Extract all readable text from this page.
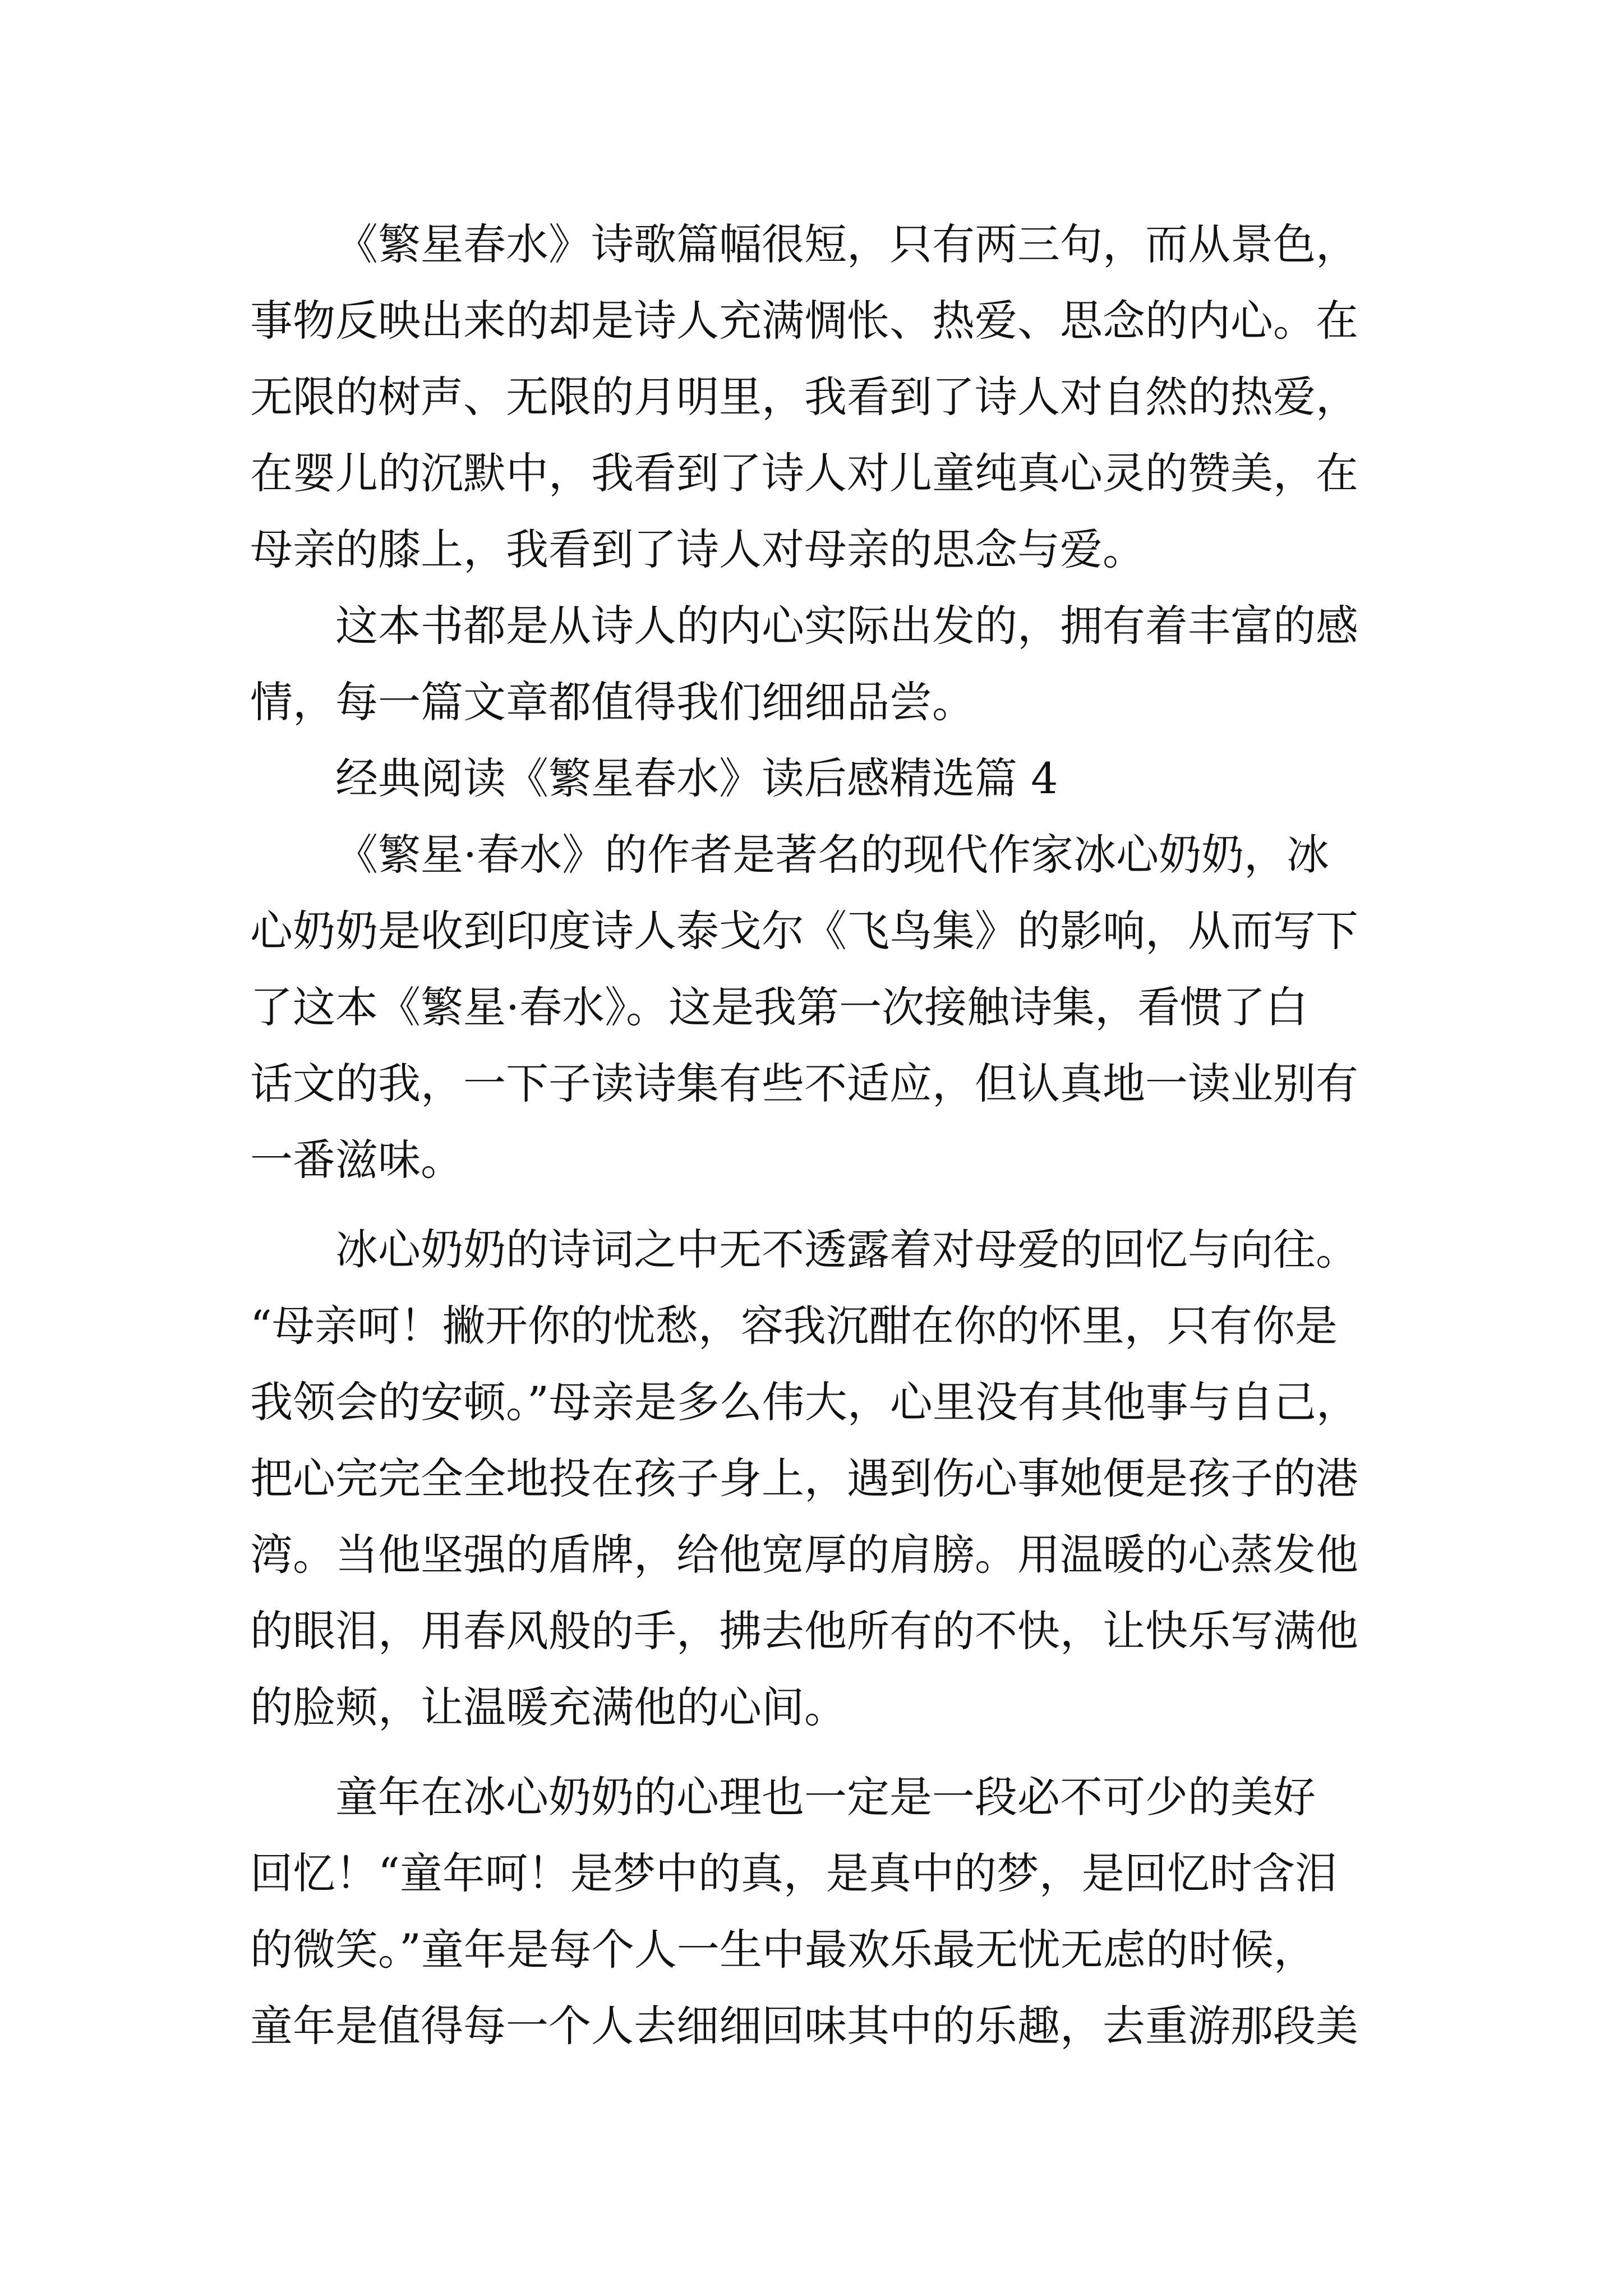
《繁星春水》诗歌篇幅很短，只有两三句，而从景色，
事物反映出来的却是诗人充满惆怅、热爱、思念的内心。在
无限的树声、无限的月明里，我看到了诗人对自然的热爱，
在婴儿的沉默中，我看到了诗人对儿童纯真心灵的赞美，在
母亲的膝上，我看到了诗人对母亲的思念与爱。
这本书都是从诗人的内心实际出发的，拥有着丰富的感
情，每一篇文章都值得我们细细品尝。
经典阅读《繁星春水》读后感精选篇 4
《繁星·春水》的作者是著名的现代作家冰心奶奶，冰
心奶奶是收到印度诗人泰戈尔《飞鸟集》的影响，从而写下
了这本《繁星·春水》。这是我第一次接触诗集，看惯了白
话文的我，一下子读诗集有些不适应，但认真地一读业别有
一番滋味。
冰心奶奶的诗词之中无不透露着对母爱的回忆与向往。
“母亲呵！撇开你的忧愁，容我沉酣在你的怀里，只有你是
我领会的安顿。”母亲是多么伟大，心里没有其他事与自己，
把心完完全全地投在孩子身上，遇到伤心事她便是孩子的港
湾。当他坚强的盾牌，给他宽厚的肩膀。用温暖的心蒸发他
的眼泪，用春风般的手，拂去他所有的不快，让快乐写满他
的脸颊，让温暖充满他的心间。
童年在冰心奶奶的心理也一定是一段必不可少的美好
回忆！“童年呵！是梦中的真，是真中的梦，是回忆时含泪
的微笑。”童年是每个人一生中最欢乐最无忧无虑的时候，
童年是值得每一个人去细细回味其中的乐趣，去重游那段美
